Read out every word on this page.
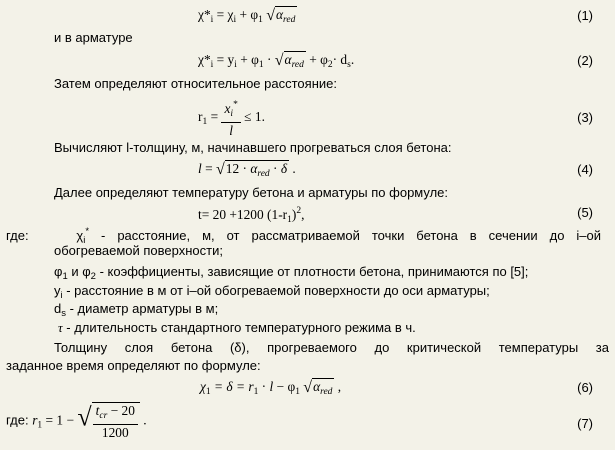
$\chi*_i = \chi_i + \varphi_1$ $√\alpha_{red}$	(1)
и в арматуре
$\chi*_i = y_i + \varphi_1 \cdot √\alpha_{red} + \varphi_2\cdot d_s$.	(2)
Затем определяют относительное расстояние:
$r_1 = \frac{x_i^*}{l} \le 1$.	(3)
Вычисляют l-толщину, м, начинавшего прогреваться слоя бетона:
$l = √12 \cdot \alpha_{red} \cdot \delta$ .	(4)
Далее определяют температуру бетона и арматуры по формуле:
t= 20 +1200 $(1-r_1)^2$,	(5)
где:	$\chi_i^*$ - расстояние, м, от рассматриваемой точки бетона в сечении до i–ой
обогреваемой поверхности;
$\varphi_1$ и $\varphi_2$ - коэффициенты, зависящие от плотности бетона, принимаются по [5];
$y_i$ - расстояние в м от i–ой обогреваемой поверхности до оси арматуры;
$d_s$ - диаметр арматуры в м;
τ - длительность стандартного температурного режима в ч.
Толщину слоя бетона (δ), прогреваемого до критической температуры за
заданное время определяют по формуле:
$\chi_1 = \delta = r_1 \cdot l - \varphi_1$ $√\alpha_{red}$ ,	(6)
где: $r_1 = 1$ − √ $\frac{t_{cr} - 20}{1200}$ .	(7)
